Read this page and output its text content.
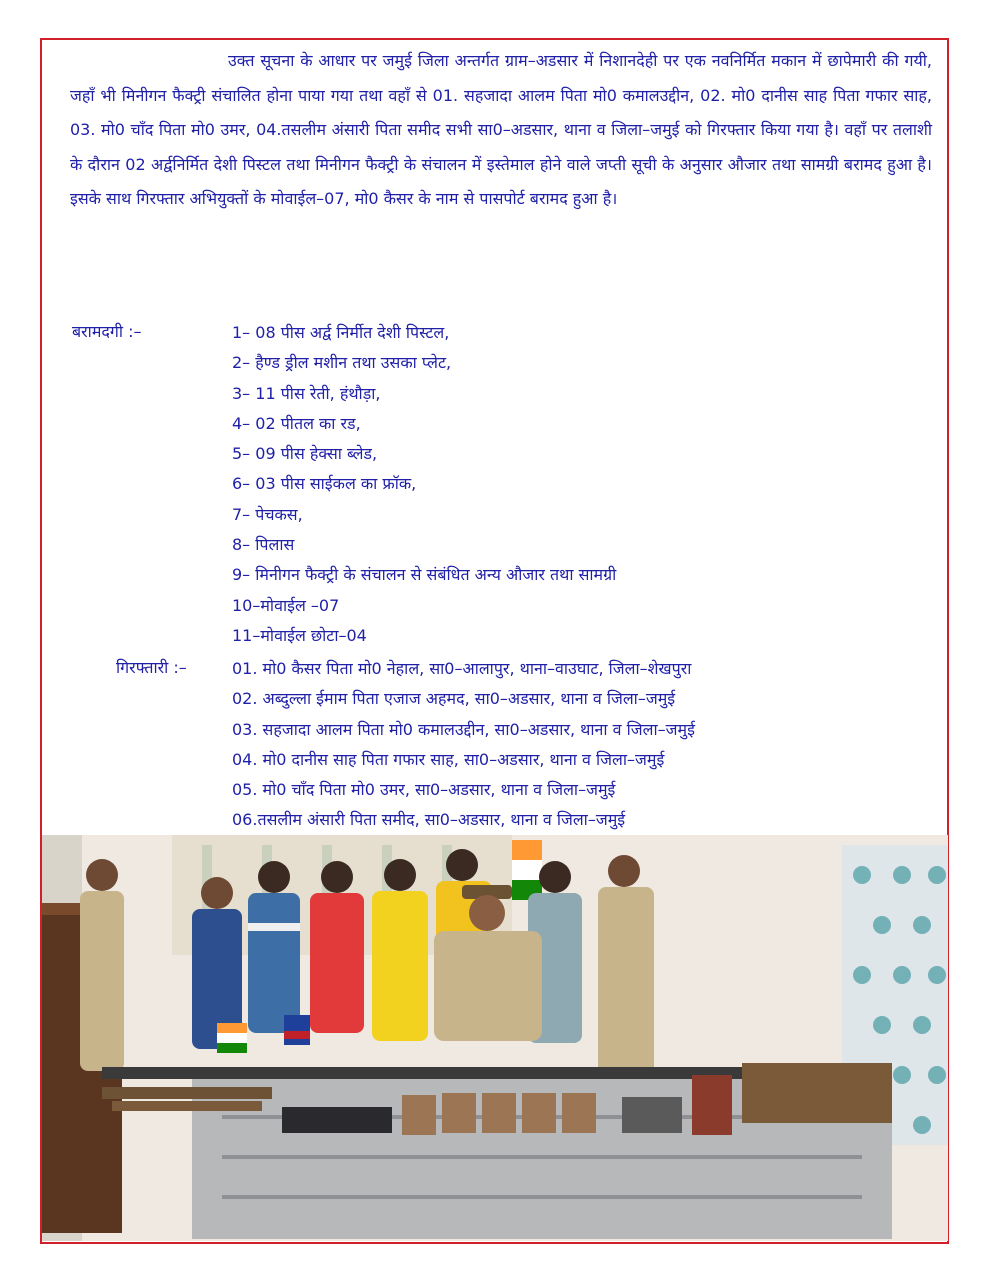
उक्त सूचना के आधार पर जमुई जिला अन्तर्गत ग्राम–अडसार में निशानदेही पर एक नवनिर्मित मकान में छापेमारी की गयी, जहॉं भी मिनीगन फैक्ट्री संचालित होना पाया गया तथा वहॉं से 01. सहजादा आलम पिता मो0 कमालउद्दीन, 02. मो0 दानीस साह पिता गफार साह, 03. मो0 चॉंद पिता मो0 उमर, 04.तसलीम अंसारी पिता समीद सभी सा0–अडसार, थाना व जिला–जमुई को गिरफ्तार किया गया है। वहॉं पर तलाशी के दौरान 02 अर्द्वनिर्मित देशी पिस्टल तथा मिनीगन फैक्ट्री के संचालन में इस्तेमाल होने वाले जप्ती सूची के अनुसार औजार तथा सामग्री बरामद हुआ है। इसके साथ गिरफ्तार अभियुक्तों के मोवाईल–07, मो0 कैसर के नाम से पासपोर्ट बरामद हुआ है।

बरामदगी :–	1– 08 पीस अर्द्व निर्मीत देशी पिस्टल,
2– हैण्ड ड्रील मशीन तथा उसका प्लेट,
3– 11 पीस रेती, हंथौड़ा,
4– 02 पीतल का रड,
5– 09 पीस हेक्सा ब्लेड,
6– 03 पीस साईकल का फ्रॉक,
7– पेचकस,
8– पिलास
9– मिनीगन फैक्ट्री के संचालन से संबंधित अन्य औजार तथा सामग्री
10–मोवाईल –07
11–मोवाईल छोटा–04
गिरफ्तारी :–	01. मो0 कैसर पिता मो0 नेहाल, सा0–आलापुर, थाना–वाउघाट, जिला–शेखपुरा
02. अब्दुल्ला ईमाम पिता एजाज अहमद, सा0–अडसार, थाना व जिला–जमुई
03. सहजादा आलम पिता मो0 कमालउद्दीन, सा0–अडसार, थाना व जिला–जमुई
04. मो0 दानीस साह पिता गफार साह, सा0–अडसार, थाना व जिला–जमुई
05. मो0 चॉंद पिता मो0 उमर, सा0–अडसार, थाना व जिला–जमुई
06.तसलीम अंसारी पिता समीद, सा0–अडसार, थाना व जिला–जमुई
